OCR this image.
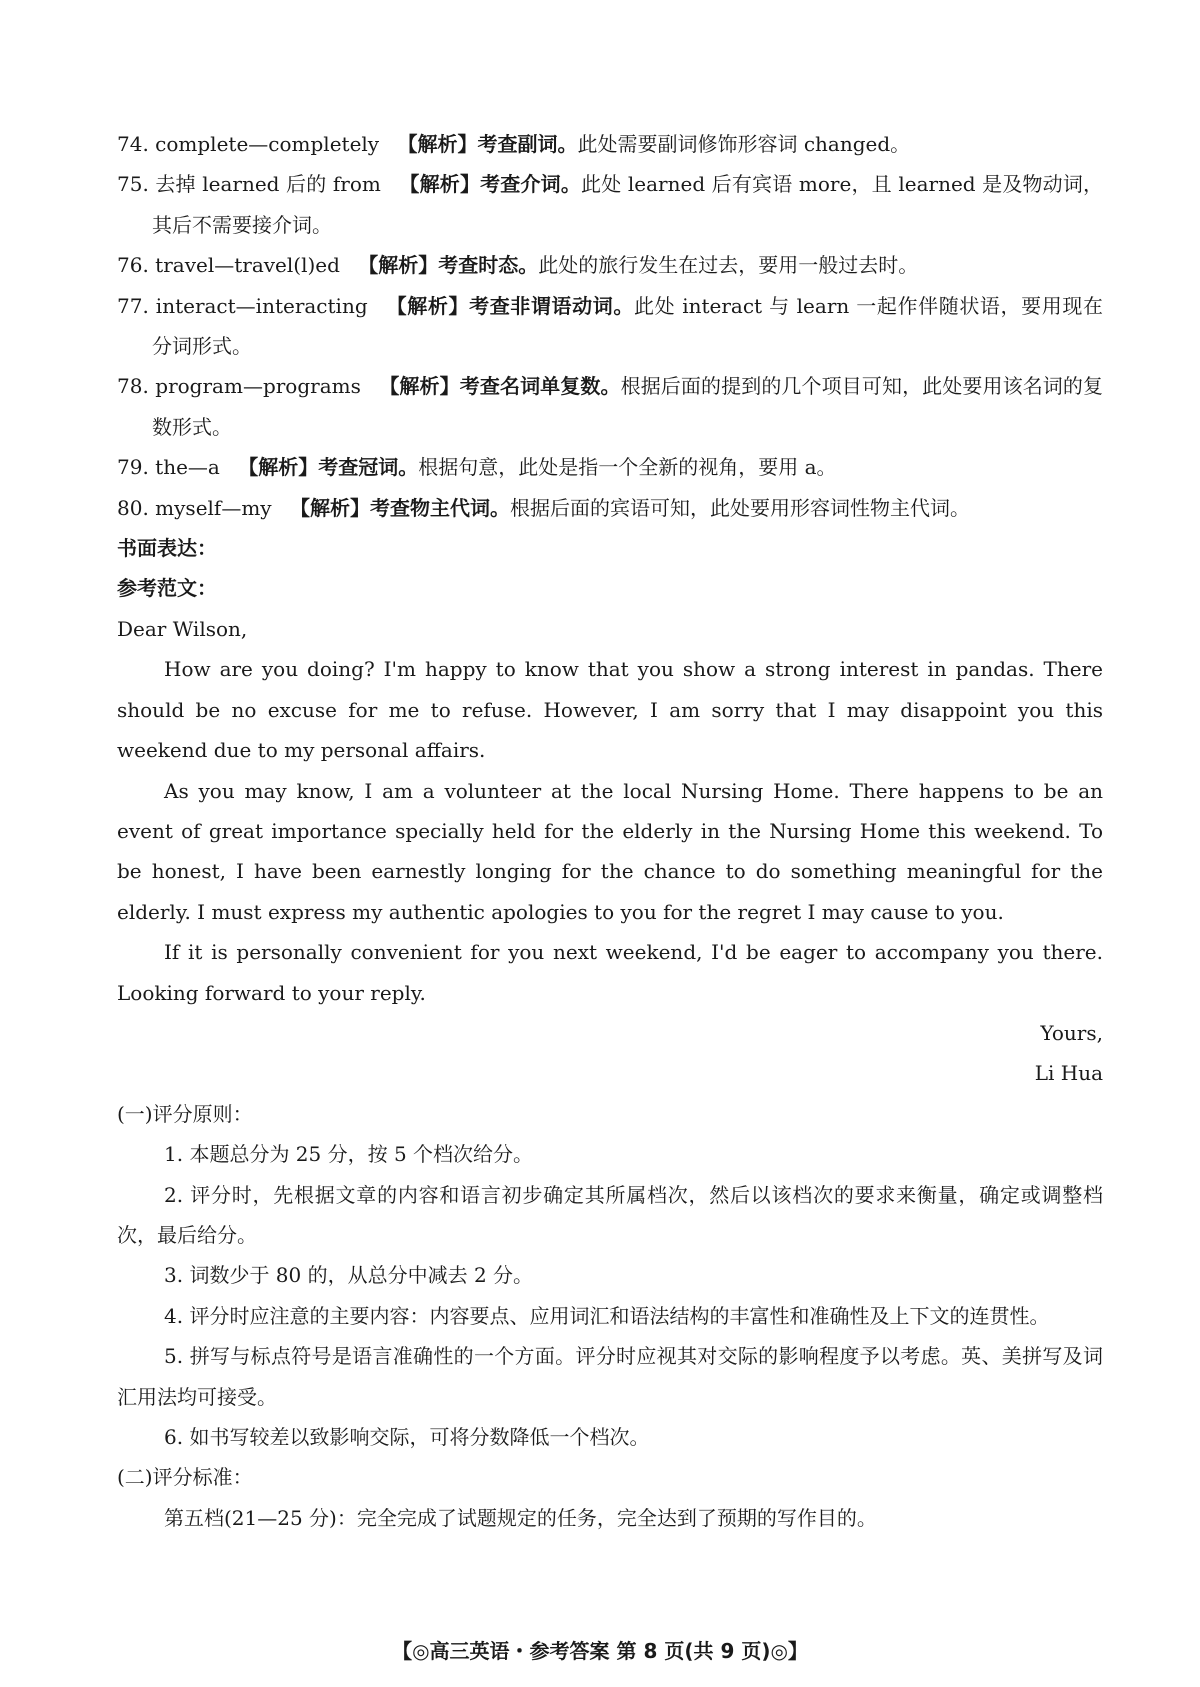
74. complete—completely 【解析】考查副词。此处需要副词修饰形容词 changed。
75. 去掉 learned 后的 from 【解析】考查介词。此处 learned 后有宾语 more，且 learned 是及物动词，其后不需要接介词。
76. travel—travel(l)ed 【解析】考查时态。此处的旅行发生在过去，要用一般过去时。
77. interact—interacting 【解析】考查非谓语动词。此处 interact 与 learn 一起作伴随状语，要用现在分词形式。
78. program—programs 【解析】考查名词单复数。根据后面的提到的几个项目可知，此处要用该名词的复数形式。
79. the—a 【解析】考查冠词。根据句意，此处是指一个全新的视角，要用 a。
80. myself—my 【解析】考查物主代词。根据后面的宾语可知，此处要用形容词性物主代词。
书面表达：
参考范文：
Dear Wilson,
How are you doing? I'm happy to know that you show a strong interest in pandas. There should be no excuse for me to refuse. However, I am sorry that I may disappoint you this weekend due to my personal affairs.
As you may know, I am a volunteer at the local Nursing Home. There happens to be an event of great importance specially held for the elderly in the Nursing Home this weekend. To be honest, I have been earnestly longing for the chance to do something meaningful for the elderly. I must express my authentic apologies to you for the regret I may cause to you.
If it is personally convenient for you next weekend, I'd be eager to accompany you there. Looking forward to your reply.
Yours,
Li Hua
(一)评分原则：
1. 本题总分为 25 分，按 5 个档次给分。
2. 评分时，先根据文章的内容和语言初步确定其所属档次，然后以该档次的要求来衡量，确定或调整档次，最后给分。
3. 词数少于 80 的，从总分中减去 2 分。
4. 评分时应注意的主要内容：内容要点、应用词汇和语法结构的丰富性和准确性及上下文的连贯性。
5. 拼写与标点符号是语言准确性的一个方面。评分时应视其对交际的影响程度予以考虑。英、美拼写及词汇用法均可接受。
6. 如书写较差以致影响交际，可将分数降低一个档次。
(二)评分标准：
第五档(21—25 分)：完全完成了试题规定的任务，完全达到了预期的写作目的。
【◎高三英语・参考答案 第 8 页(共 9 页)◎】
